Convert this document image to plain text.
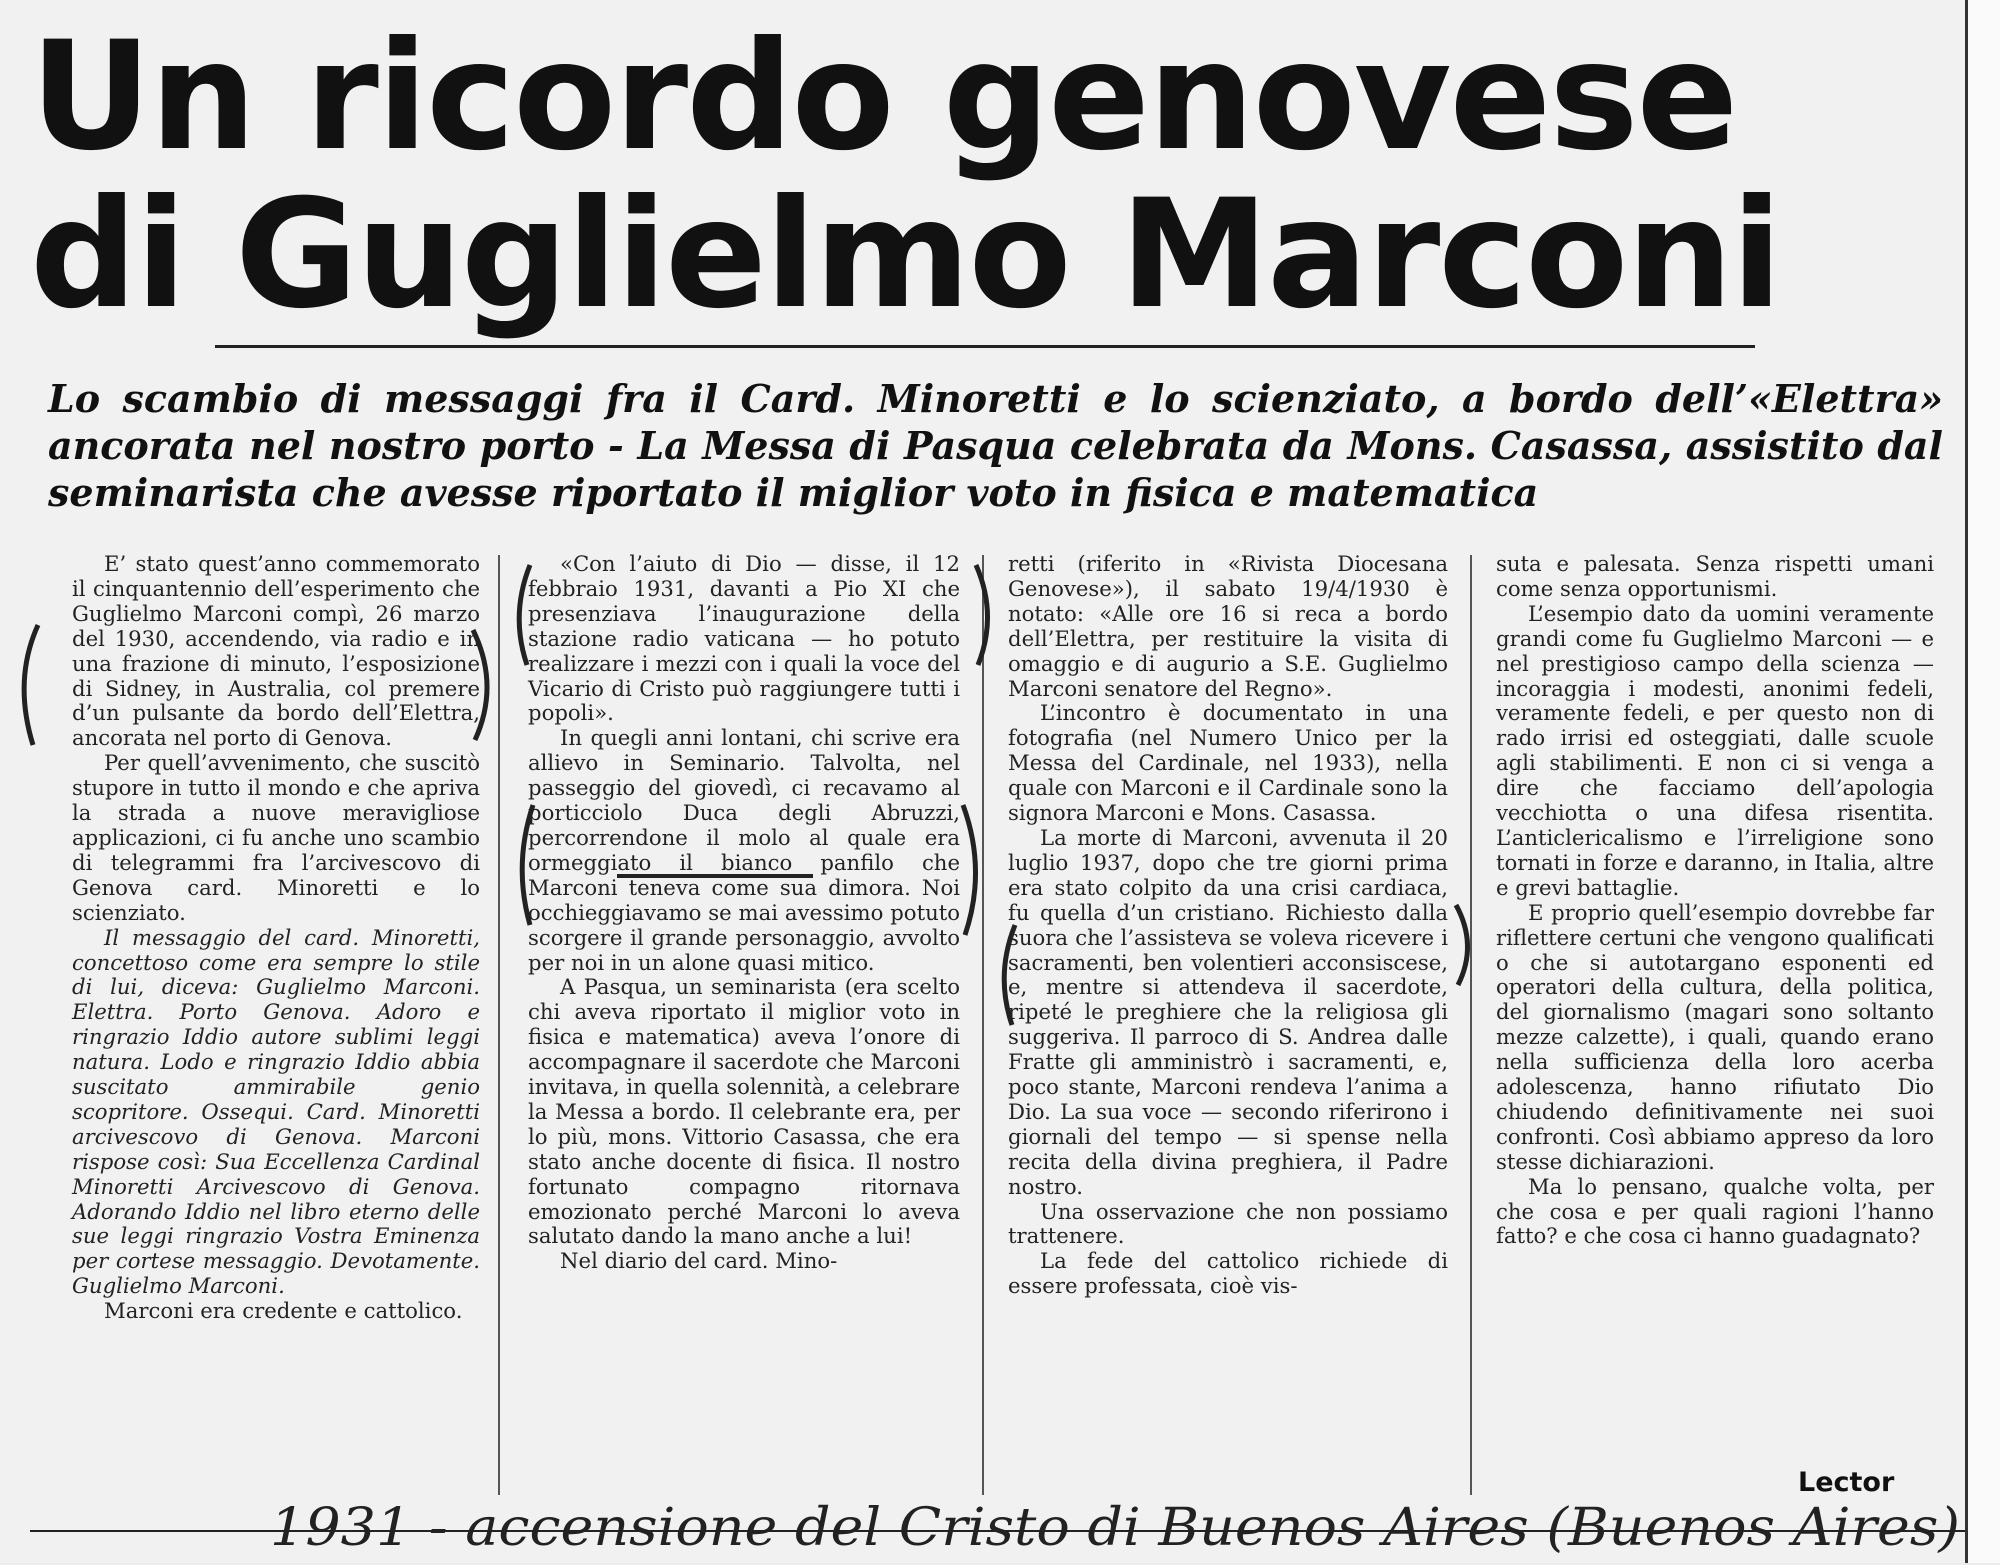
Un ricordo genovese
di Guglielmo Marconi

Lo scambio di messaggi fra il Card. Minoretti e lo scienziato, a bordo dell’«Elettra» ancorata nel nostro porto - La Messa di Pasqua celebrata da Mons. Casassa, assistito dal seminarista che avesse riportato il miglior voto in fisica e matematica

E’ stato quest’anno commemorato il cinquantennio dell’esperimento che Guglielmo Marconi compì, 26 marzo del 1930, accendendo, via radio e in una frazione di minuto, l’esposizione di Sidney, in Australia, col premere d’un pulsante da bordo dell’Elettra, ancorata nel porto di Genova.

Per quell’avvenimento, che suscitò stupore in tutto il mondo e che apriva la strada a nuove meravigliose applicazioni, ci fu anche uno scambio di telegrammi fra l’arcivescovo di Genova card. Minoretti e lo scienziato.

Il messaggio del card. Minoretti, concettoso come era sempre lo stile di lui, diceva: Guglielmo Marconi. Elettra. Porto Genova. Adoro e ringrazio Iddio autore sublimi leggi natura. Lodo e ringrazio Iddio abbia suscitato ammirabile genio scopritore. Ossequi. Card. Minoretti arcivescovo di Genova. Marconi rispose così: Sua Eccellenza Cardinal Minoretti Arcivescovo di Genova. Adorando Iddio nel libro eterno delle sue leggi ringrazio Vostra Eminenza per cortese messaggio. Devotamente. Guglielmo Marconi.

Marconi era credente e cattolico.

«Con l’aiuto di Dio — disse, il 12 febbraio 1931, davanti a Pio XI che presenziava l’inaugurazione della stazione radio vaticana — ho potuto realizzare i mezzi con i quali la voce del Vicario di Cristo può raggiungere tutti i popoli».

In quegli anni lontani, chi scrive era allievo in Seminario. Talvolta, nel passeggio del giovedì, ci recavamo al porticciolo Duca degli Abruzzi, percorrendone il molo al quale era ormeggiato il bianco panfilo che Marconi teneva come sua dimora. Noi occhieggiavamo se mai avessimo potuto scorgere il grande personaggio, avvolto per noi in un alone quasi mitico.

A Pasqua, un seminarista (era scelto chi aveva riportato il miglior voto in fisica e matematica) aveva l’onore di accompagnare il sacerdote che Marconi invitava, in quella solennità, a celebrare la Messa a bordo. Il celebrante era, per lo più, mons. Vittorio Casassa, che era stato anche docente di fisica. Il nostro fortunato compagno ritornava emozionato perché Marconi lo aveva salutato dando la mano anche a lui!

Nel diario del card. Mino-

retti (riferito in «Rivista Diocesana Genovese»), il sabato 19/4/1930 è notato: «Alle ore 16 si reca a bordo dell’Elettra, per restituire la visita di omaggio e di augurio a S.E. Guglielmo Marconi senatore del Regno».

L’incontro è documentato in una fotografia (nel Numero Unico per la Messa del Cardinale, nel 1933), nella quale con Marconi e il Cardinale sono la signora Marconi e Mons. Casassa.

La morte di Marconi, avvenuta il 20 luglio 1937, dopo che tre giorni prima era stato colpito da una crisi cardiaca, fu quella d’un cristiano. Richiesto dalla suora che l’assisteva se voleva ricevere i sacramenti, ben volentieri acconsiscese, e, mentre si attendeva il sacerdote, ripeté le preghiere che la religiosa gli suggeriva. Il parroco di S. Andrea dalle Fratte gli amministrò i sacramenti, e, poco stante, Marconi rendeva l’anima a Dio. La sua voce — secondo riferirono i giornali del tempo — si spense nella recita della divina preghiera, il Padre nostro.

Una osservazione che non possiamo trattenere.

La fede del cattolico richiede di essere professata, cioè vis-

suta e palesata. Senza rispetti umani come senza opportunismi.

L’esempio dato da uomini veramente grandi come fu Guglielmo Marconi — e nel prestigioso campo della scienza — incoraggia i modesti, anonimi fedeli, veramente fedeli, e per questo non di rado irrisi ed osteggiati, dalle scuole agli stabilimenti. E non ci si venga a dire che facciamo dell’apologia vecchiotta o una difesa risentita. L’anticlericalismo e l’irreligione sono tornati in forze e daranno, in Italia, altre e grevi battaglie.

E proprio quell’esempio dovrebbe far riflettere certuni che vengono qualificati o che si autotargano esponenti ed operatori della cultura, della politica, del giornalismo (magari sono soltanto mezze calzette), i quali, quando erano nella sufficienza della loro acerba adolescenza, hanno rifiutato Dio chiudendo definitivamente nei suoi confronti. Così abbiamo appreso da loro stesse dichiarazioni.

Ma lo pensano, qualche volta, per che cosa e per quali ragioni l’hanno fatto? e che cosa ci hanno guadagnato?

Lector
1931 - accensione del Cristo di Buenos Aires (Buenos Aires)
